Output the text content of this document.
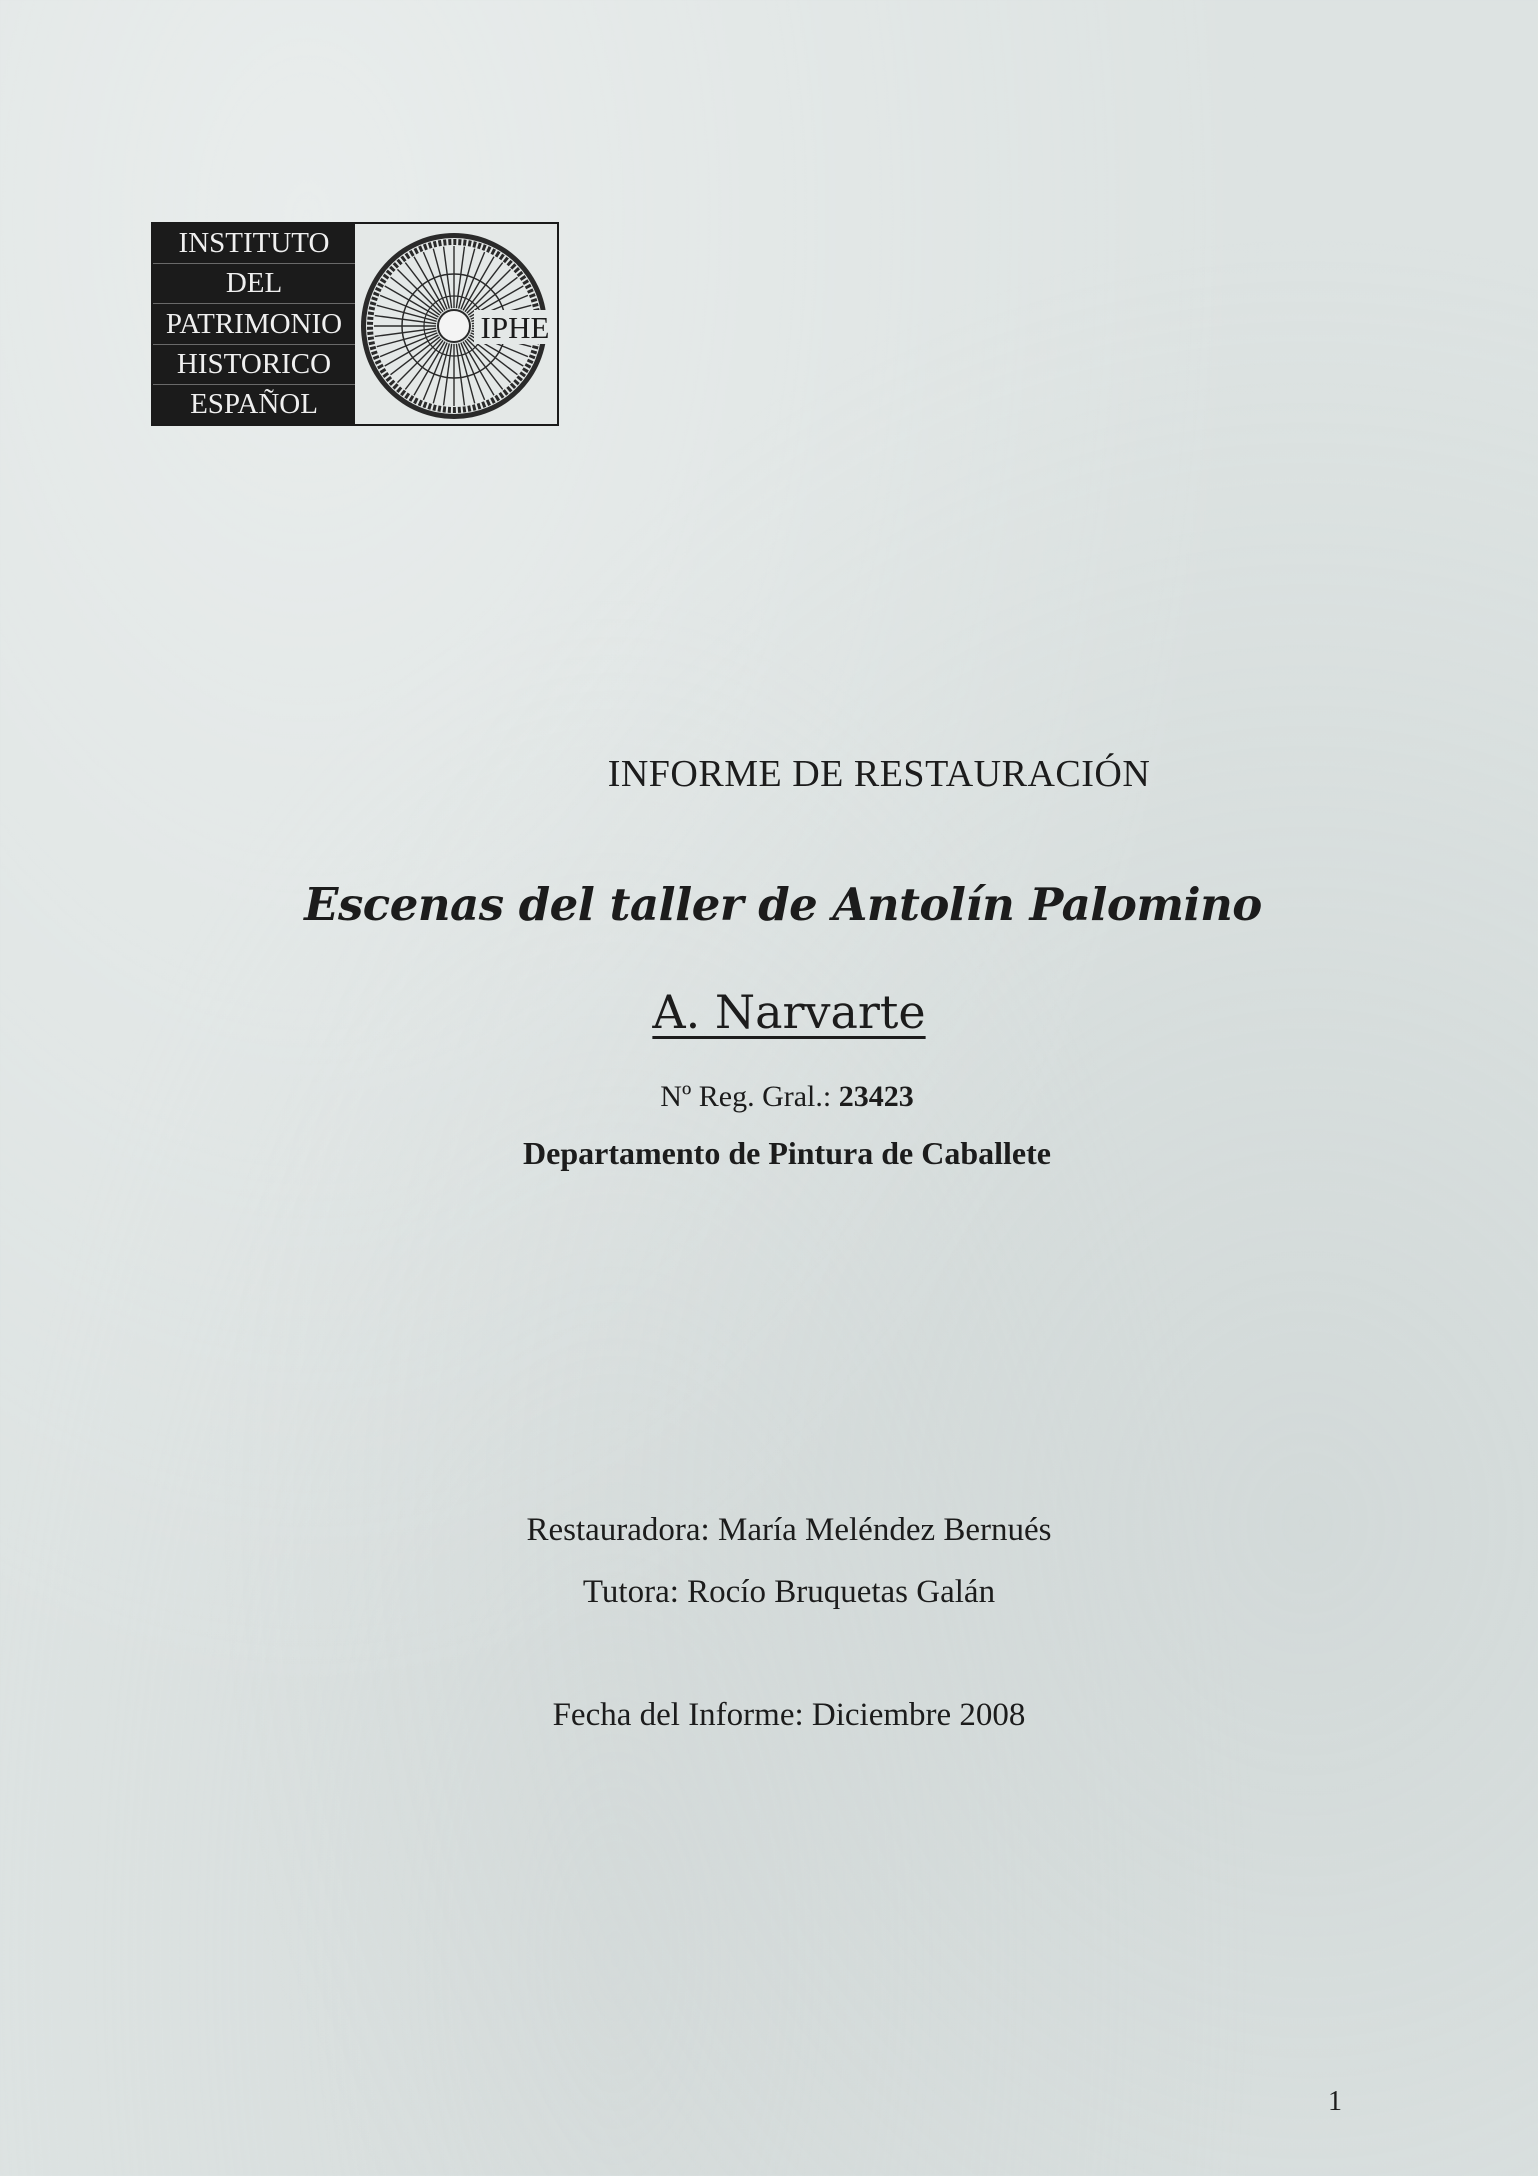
INSTITUTO
DEL
PATRIMONIO
HISTORICO
ESPAÑOL
IPHE
INFORME DE RESTAURACIÓN
Escenas del taller de Antolín Palomino
A. Narvarte
Nº Reg. Gral.: 23423
Departamento de Pintura de Caballete
Restauradora: María Meléndez Bernués
Tutora: Rocío Bruquetas Galán
Fecha del Informe: Diciembre 2008
1
